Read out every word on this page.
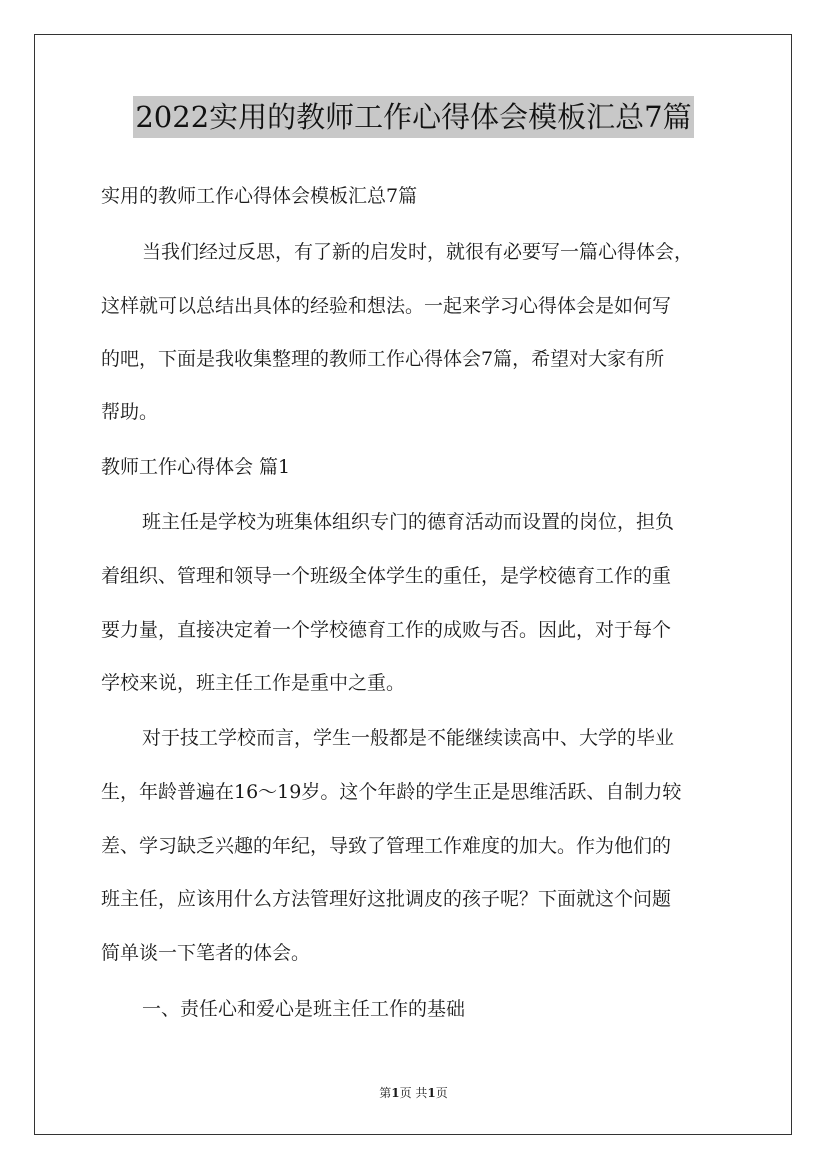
2022实用的教师工作心得体会模板汇总7篇
实用的教师工作心得体会模板汇总7篇
当我们经过反思，有了新的启发时，就很有必要写一篇心得体会，
这样就可以总结出具体的经验和想法。一起来学习心得体会是如何写
的吧，下面是我收集整理的教师工作心得体会7篇，希望对大家有所
帮助。
教师工作心得体会 篇1
班主任是学校为班集体组织专门的德育活动而设置的岗位，担负
着组织、管理和领导一个班级全体学生的重任，是学校德育工作的重
要力量，直接决定着一个学校德育工作的成败与否。因此，对于每个
学校来说，班主任工作是重中之重。
对于技工学校而言，学生一般都是不能继续读高中、大学的毕业
生，年龄普遍在16～19岁。这个年龄的学生正是思维活跃、自制力较
差、学习缺乏兴趣的年纪，导致了管理工作难度的加大。作为他们的
班主任，应该用什么方法管理好这批调皮的孩子呢？下面就这个问题
简单谈一下笔者的体会。
一、责任心和爱心是班主任工作的基础
第1页 共1页
